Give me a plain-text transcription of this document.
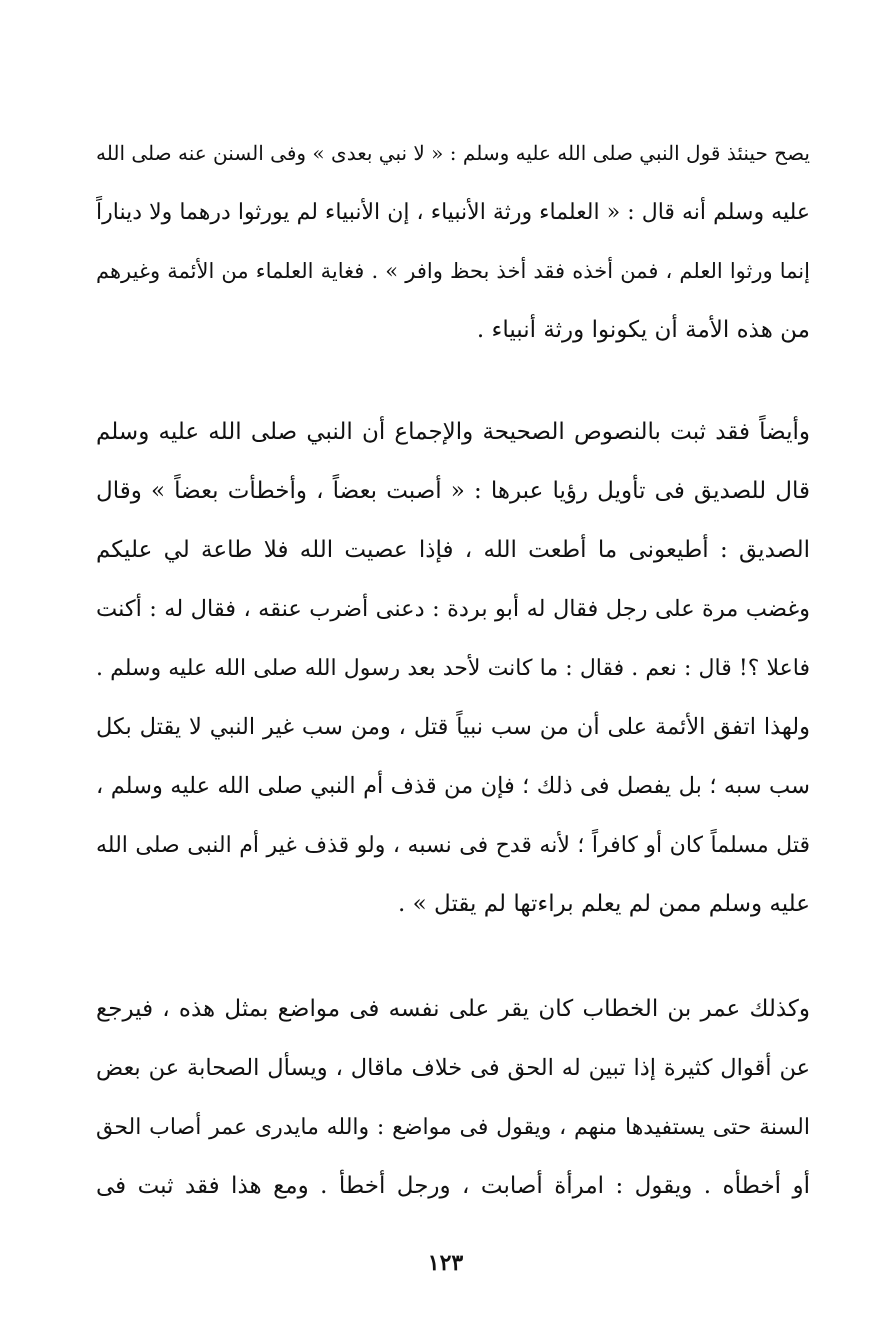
يصح حينئذ قول النبي صلى الله عليه وسلم : « لا نبي بعدى » وفى السنن عنه صلى الله
عليه وسلم أنه قال : « العلماء ورثة الأنبياء ، إن الأنبياء لم يورثوا درهما ولا ديناراً
إنما ورثوا العلم ، فمن أخذه فقد أخذ بحظ وافر » . فغاية العلماء من الأئمة وغيرهم
من هذه الأمة أن يكونوا ورثة أنبياء .
وأيضاً فقد ثبت بالنصوص الصحيحة والإجماع أن النبي صلى الله عليه وسلم
قال للصديق فى تأويل رؤيا عبرها : « أصبت بعضاً ، وأخطأت بعضاً » وقال
الصديق : أطيعونى ما أطعت الله ، فإذا عصيت الله فلا طاعة لي عليكم
وغضب مرة على رجل فقال له أبو بردة : دعنى أضرب عنقه ، فقال له : أكنت
فاعلا ؟! قال : نعم . فقال : ما كانت لأحد بعد رسول الله صلى الله عليه وسلم .
ولهذا اتفق الأئمة على أن من سب نبياً قتل ، ومن سب غير النبي لا يقتل بكل
سب سبه ؛ بل يفصل فى ذلك ؛ فإن من قذف أم النبي صلى الله عليه وسلم ،
قتل مسلماً كان أو كافراً ؛ لأنه قدح فى نسبه ، ولو قذف غير أم النبى صلى الله
عليه وسلم ممن لم يعلم براءتها لم يقتل » .
وكذلك عمر بن الخطاب كان يقر على نفسه فى مواضع بمثل هذه ، فيرجع
عن أقوال كثيرة إذا تبين له الحق فى خلاف ماقال ، ويسأل الصحابة عن بعض
السنة حتى يستفيدها منهم ، ويقول فى مواضع : والله مايدرى عمر أصاب الحق
أو أخطأه . ويقول : امرأة أصابت ، ورجل أخطأ . ومع هذا فقد ثبت فى
١٢٣
